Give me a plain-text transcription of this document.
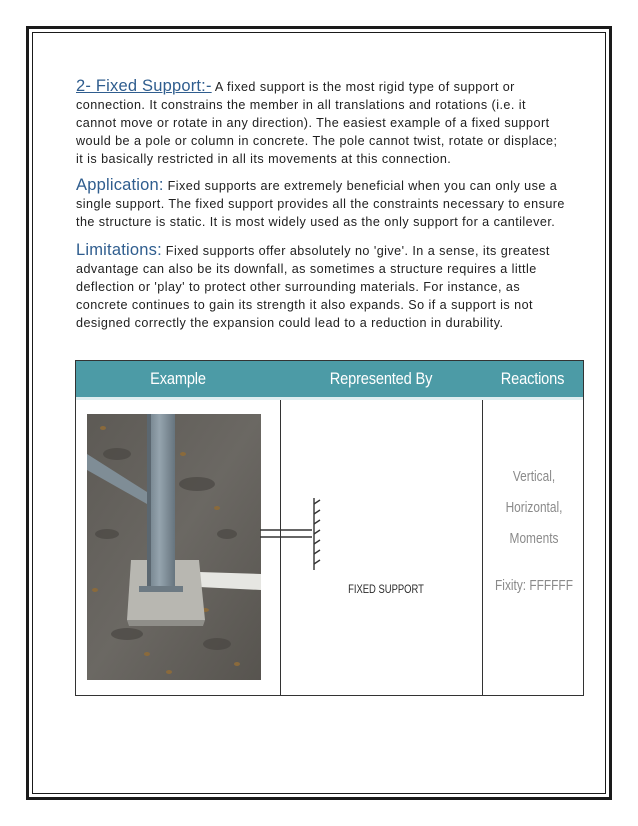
2- Fixed Support:- A fixed support is the most rigid type of support or connection. It constrains the member in all translations and rotations (i.e. it cannot move or rotate in any direction). The easiest example of a fixed support would be a pole or column in concrete. The pole cannot twist, rotate or displace; it is basically restricted in all its movements at this connection.

Application: Fixed supports are extremely beneficial when you can only use a single support. The fixed support provides all the constraints necessary to ensure the structure is static. It is most widely used as the only support for a cantilever.

Limitations: Fixed supports offer absolutely no 'give'. In a sense, its greatest advantage can also be its downfall, as sometimes a structure requires a little deflection or 'play' to protect other surrounding materials. For instance, as concrete continues to gain its strength it also expands. So if a support is not designed correctly the expansion could lead to a reduction in durability.

Example	Represented By	Reactions
FIXED SUPPORT
Vertical,
Horizontal,
Moments
Fixity: FFFFFF
